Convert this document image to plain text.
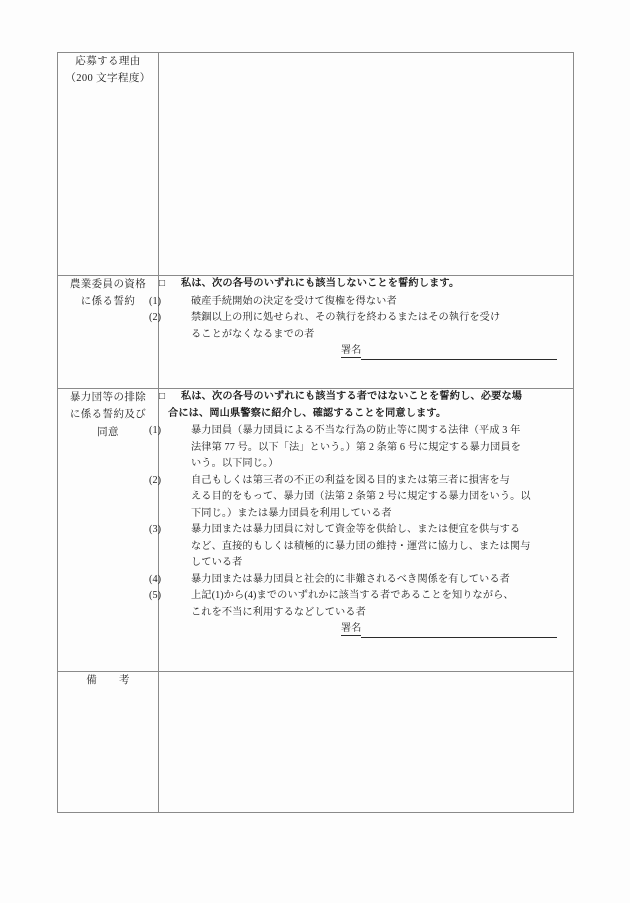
応募する理由
（200 文字程度）	

農業委員の資格
に係る誓約	□ 私は、次の各号のいずれにも該当しないことを誓約します。
(1) 破産手続開始の決定を受けて復権を得ない者
(2) 禁錮以上の刑に処せられ、その執行を終わるまたはその執行を受け
ることがなくなるまでの者
署名

暴力団等の排除
に係る誓約及び
同意

□ 私は、次の各号のいずれにも該当する者ではないことを誓約し、必要な場
合には、岡山県警察に紹介し、確認することを同意します。
(1)	暴力団員（暴力団員による不当な行為の防止等に関する法律（平成 3 年
法律第 77 号。以下「法」という。）第 2 条第 6 号に規定する暴力団員を
いう。以下同じ。）
(2)	自己もしくは第三者の不正の利益を図る目的または第三者に損害を与
える目的をもって、暴力団（法第 2 条第 2 号に規定する暴力団をいう。以
下同じ。）または暴力団員を利用している者
(3)	暴力団または暴力団員に対して資金等を供給し、または便宜を供与する
など、直接的もしくは積極的に暴力団の維持・運営に協力し、または関与
している者
(4)	暴力団または暴力団員と社会的に非難されるべき関係を有している者
(5)	上記(1)から(4)までのいずれかに該当する者であることを知りながら、
これを不当に利用するなどしている者
署名

備　　考	
